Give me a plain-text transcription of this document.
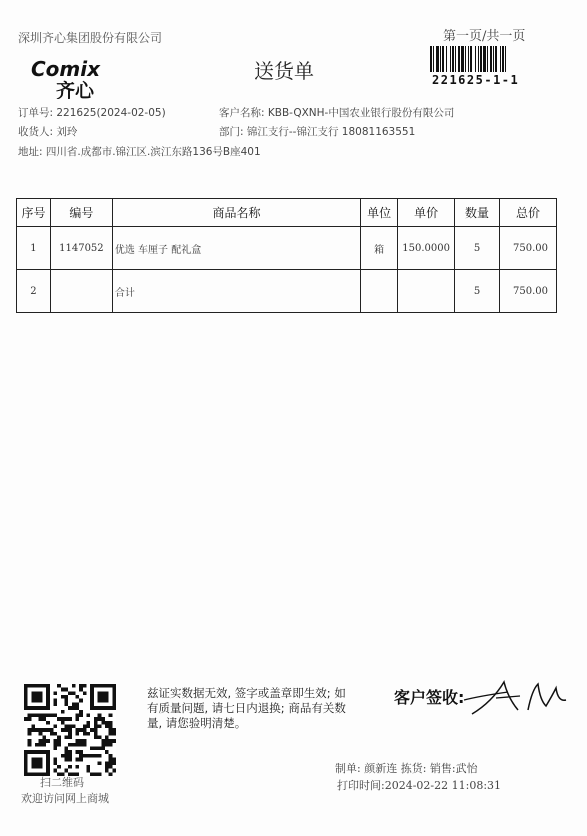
深圳齐心集团股份有限公司	第一页/共一页
221625-1-1
Comix
齐心
送货单
订单号: 221625(2024-02-05)
收货人: 刘玲
地址: 四川省.成都市.锦江区.滨江东路136号B座401
客户名称: KBB-QXNH-中国农业银行股份有限公司
部门: 锦江支行--锦江支行 18081163551
序号	编号	商品名称	单位	单价	数量	总价
1	1147052	优选 车厘子 配礼盒	箱	150.0000	5	750.00
2		合计			5	750.00
扫二维码
欢迎访问网上商城
兹证实数据无效, 签字或盖章即生效; 如有质量问题, 请七日内退换; 商品有关数量, 请您验明清楚。
客户签收:
制单: 颜新连 拣货: 销售:武怡
打印时间:2024-02-22 11:08:31
